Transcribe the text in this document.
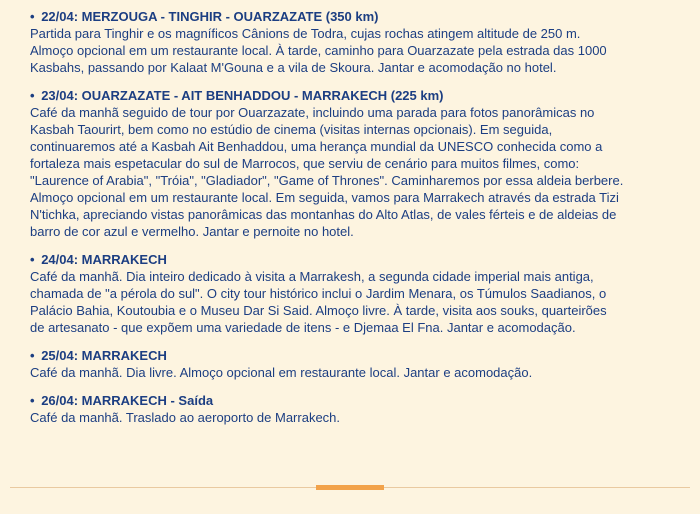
• 22/04: MERZOUGA - TINGHIR - OUARZAZATE (350 km)

Partida para Tinghir e os magníficos Cânions de Todra, cujas rochas atingem altitude de 250 m.
Almoço opcional em um restaurante local. À tarde, caminho para Ouarzazate pela estrada das 1000
Kasbahs, passando por Kalaat M'Gouna e a vila de Skoura. Jantar e acomodação no hotel.

• 23/04: OUARZAZATE - AIT BENHADDOU - MARRAKECH (225 km)

Café da manhã seguido de tour por Ouarzazate, incluindo uma parada para fotos panorâmicas no
Kasbah Taourirt, bem como no estúdio de cinema (visitas internas opcionais). Em seguida,
continuaremos até a Kasbah Ait Benhaddou, uma herança mundial da UNESCO conhecida como a
fortaleza mais espetacular do sul de Marrocos, que serviu de cenário para muitos filmes, como:
"Laurence of Arabia", "Tróia", "Gladiador", "Game of Thrones". Caminharemos por essa aldeia berbere.
Almoço opcional em um restaurante local. Em seguida, vamos para Marrakech através da estrada Tizi
N'tichka, apreciando vistas panorâmicas das montanhas do Alto Atlas, de vales férteis e de aldeias de
barro de cor azul e vermelho. Jantar e pernoite no hotel.

• 24/04: MARRAKECH

Café da manhã. Dia inteiro dedicado à visita a Marrakesh, a segunda cidade imperial mais antiga,
chamada de "a pérola do sul". O city tour histórico inclui o Jardim Menara, os Túmulos Saadianos, o
Palácio Bahia, Koutoubia e o Museu Dar Si Said. Almoço livre. À tarde, visita aos souks, quarteirões
de artesanato - que expõem uma variedade de itens - e Djemaa El Fna. Jantar e acomodação.

• 25/04: MARRAKECH

Café da manhã. Dia livre. Almoço opcional em restaurante local. Jantar e acomodação.

• 26/04: MARRAKECH - Saída

Café da manhã. Traslado ao aeroporto de Marrakech.
